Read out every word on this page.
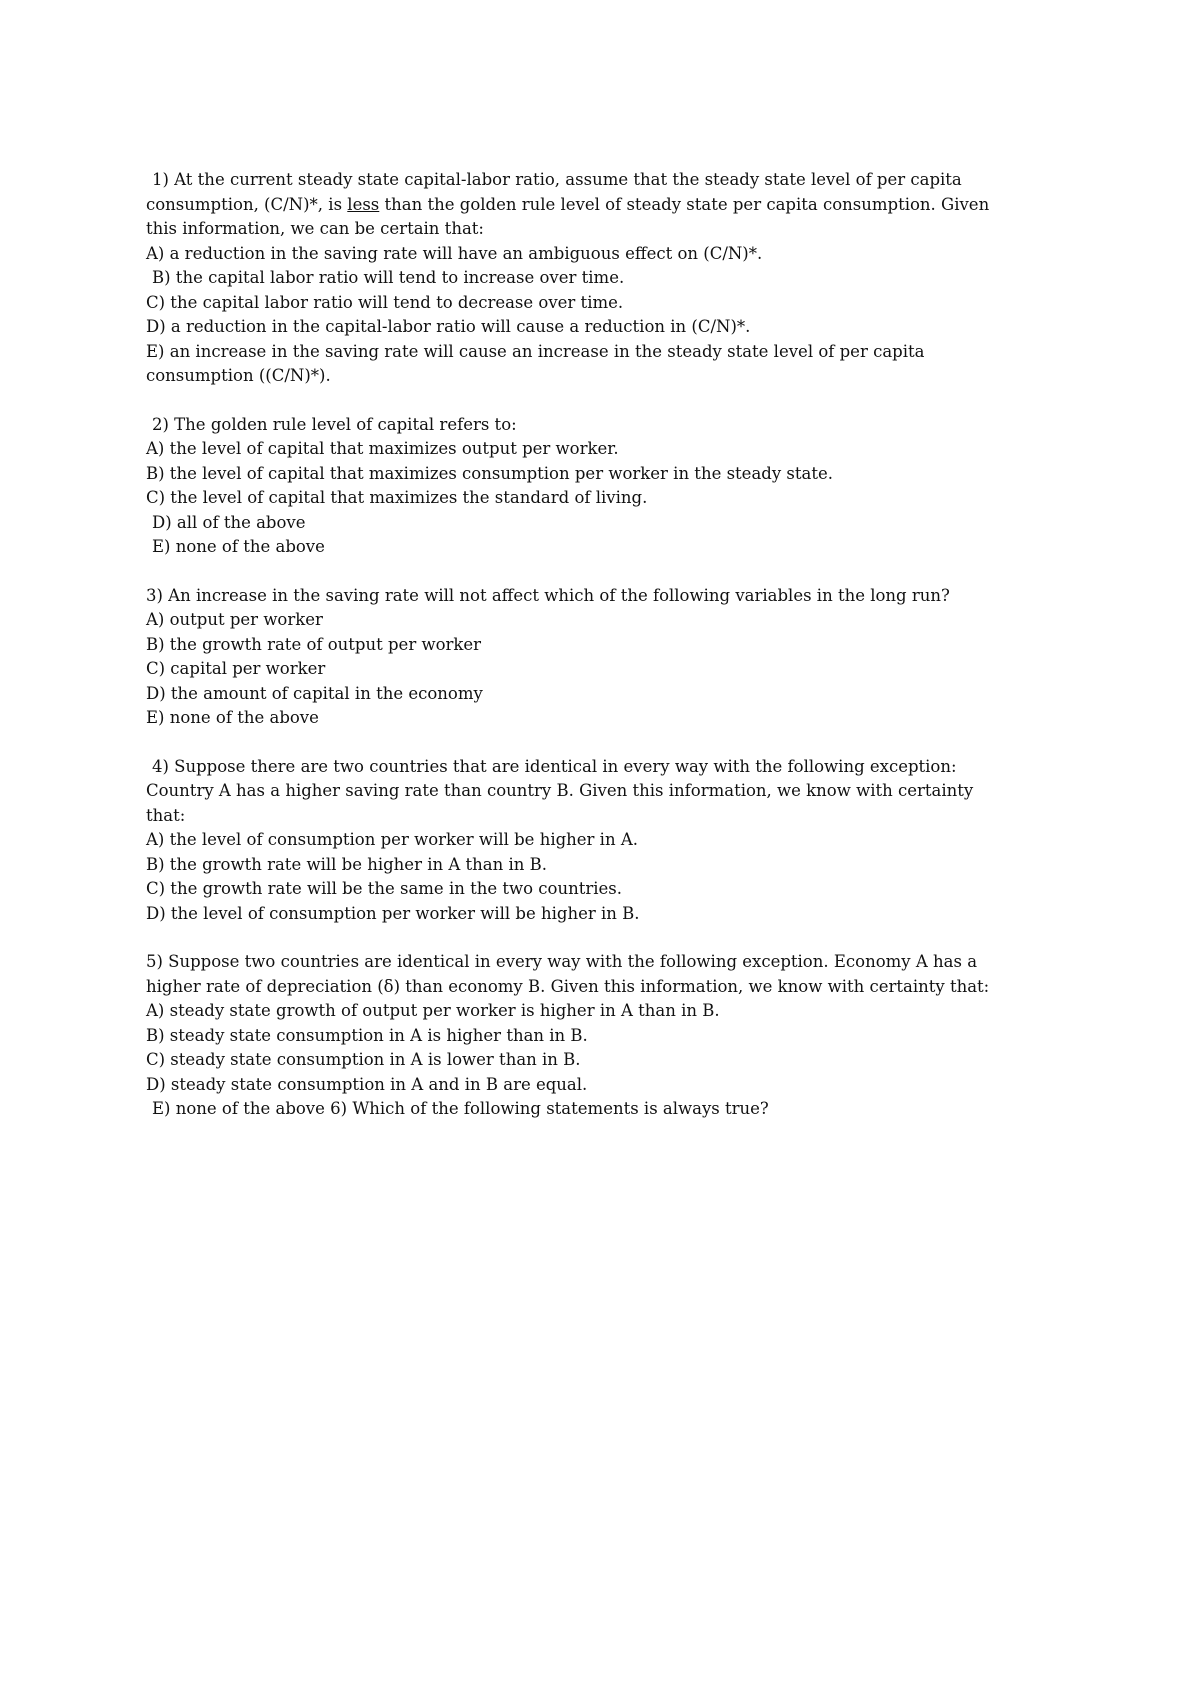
1) At the current steady state capital-labor ratio, assume that the steady state level of per capita
consumption, (C/N)*, is less than the golden rule level of steady state per capita consumption. Given
this information, we can be certain that:
A) a reduction in the saving rate will have an ambiguous effect on (C/N)*.
B) the capital labor ratio will tend to increase over time.
C) the capital labor ratio will tend to decrease over time.
D) a reduction in the capital-labor ratio will cause a reduction in (C/N)*.
E) an increase in the saving rate will cause an increase in the steady state level of per capita
consumption ((C/N)*).
2) The golden rule level of capital refers to:
A) the level of capital that maximizes output per worker.
B) the level of capital that maximizes consumption per worker in the steady state.
C) the level of capital that maximizes the standard of living.
D) all of the above
E) none of the above
3) An increase in the saving rate will not affect which of the following variables in the long run?
A) output per worker
B) the growth rate of output per worker
C) capital per worker
D) the amount of capital in the economy
E) none of the above
4) Suppose there are two countries that are identical in every way with the following exception:
Country A has a higher saving rate than country B. Given this information, we know with certainty
that:
A) the level of consumption per worker will be higher in A.
B) the growth rate will be higher in A than in B.
C) the growth rate will be the same in the two countries.
D) the level of consumption per worker will be higher in B.
5) Suppose two countries are identical in every way with the following exception. Economy A has a
higher rate of depreciation (δ) than economy B. Given this information, we know with certainty that:
A) steady state growth of output per worker is higher in A than in B.
B) steady state consumption in A is higher than in B.
C) steady state consumption in A is lower than in B.
D) steady state consumption in A and in B are equal.
E) none of the above 6) Which of the following statements is always true?
